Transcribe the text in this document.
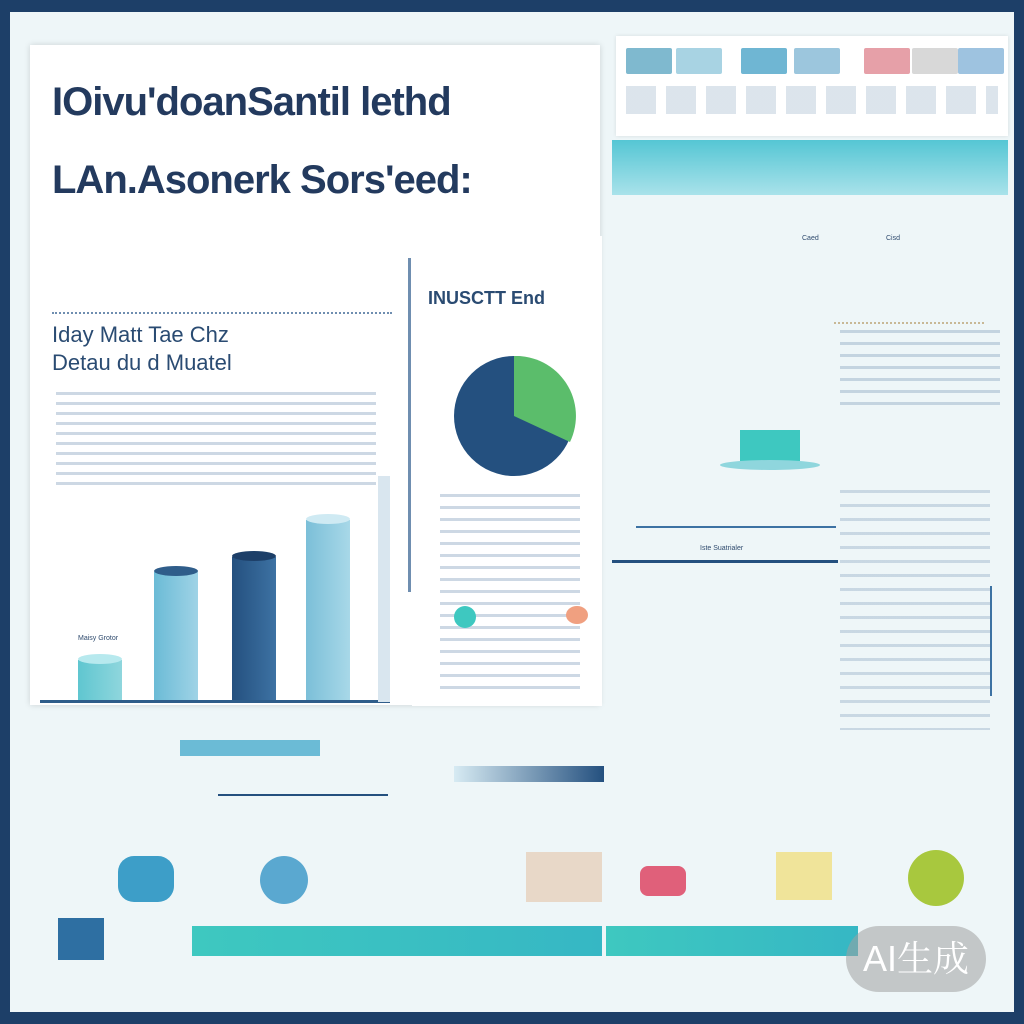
IOivu'doanSantil lethd
LAn.Asonerk Sors'eed:
Iday Matt Tae Chz
Detau du d Muatel
Maisy Grotor
INUSCTT End
Caed	Cisd
Iste Suatrialer
AI生成
